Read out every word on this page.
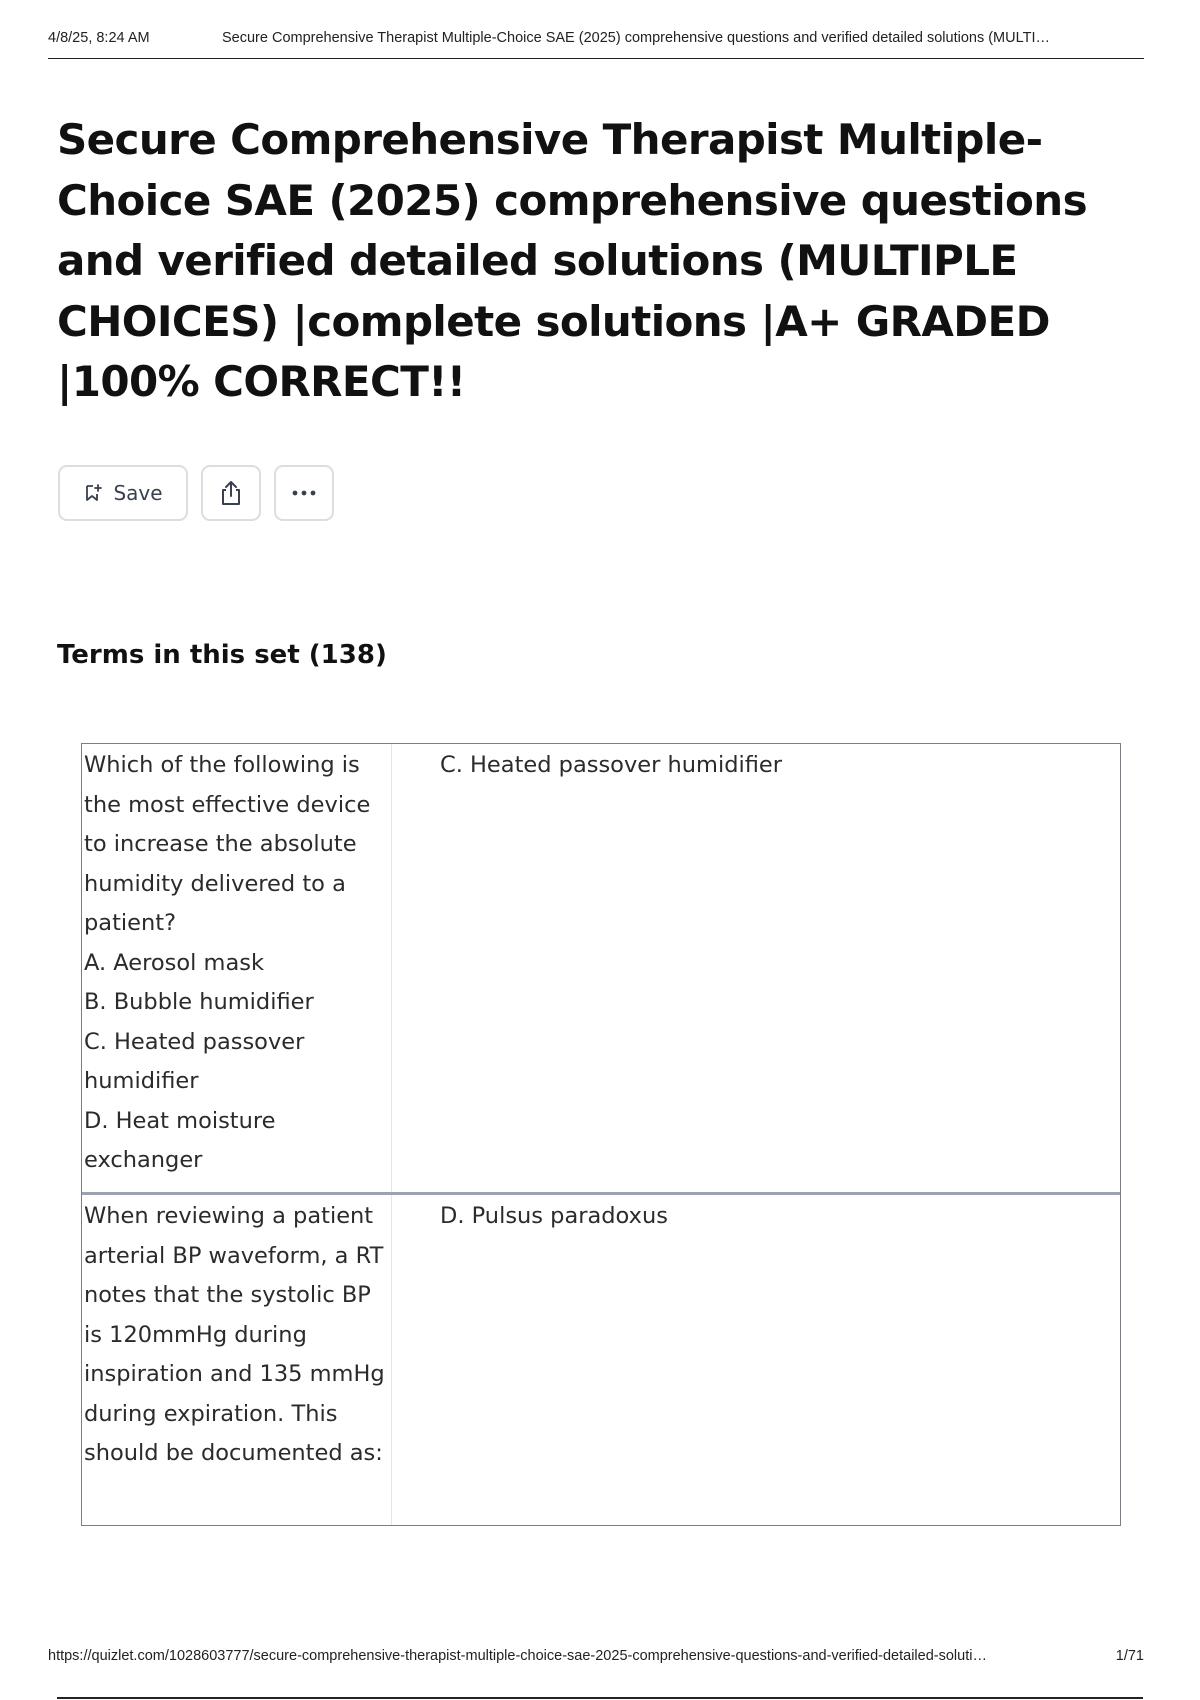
4/8/25, 8:24 AM	Secure Comprehensive Therapist Multiple-Choice SAE (2025) comprehensive questions and verified detailed solutions (MULTI…
Secure Comprehensive Therapist Multiple-Choice SAE (2025) comprehensive questions and verified detailed solutions (MULTIPLE CHOICES) |complete solutions |A+ GRADED |100% CORRECT!!
Save
Terms in this set (138)
Which of the following is the most effective device to increase the absolute humidity delivered to a patient?
A. Aerosol mask
B. Bubble humidifier
C. Heated passover humidifier
D. Heat moisture exchanger
C. Heated passover humidifier
When reviewing a patient arterial BP waveform, a RT notes that the systolic BP is 120mmHg during inspiration and 135 mmHg during expiration. This should be documented as:
D. Pulsus paradoxus
https://quizlet.com/1028603777/secure-comprehensive-therapist-multiple-choice-sae-2025-comprehensive-questions-and-verified-detailed-soluti…	1/71
